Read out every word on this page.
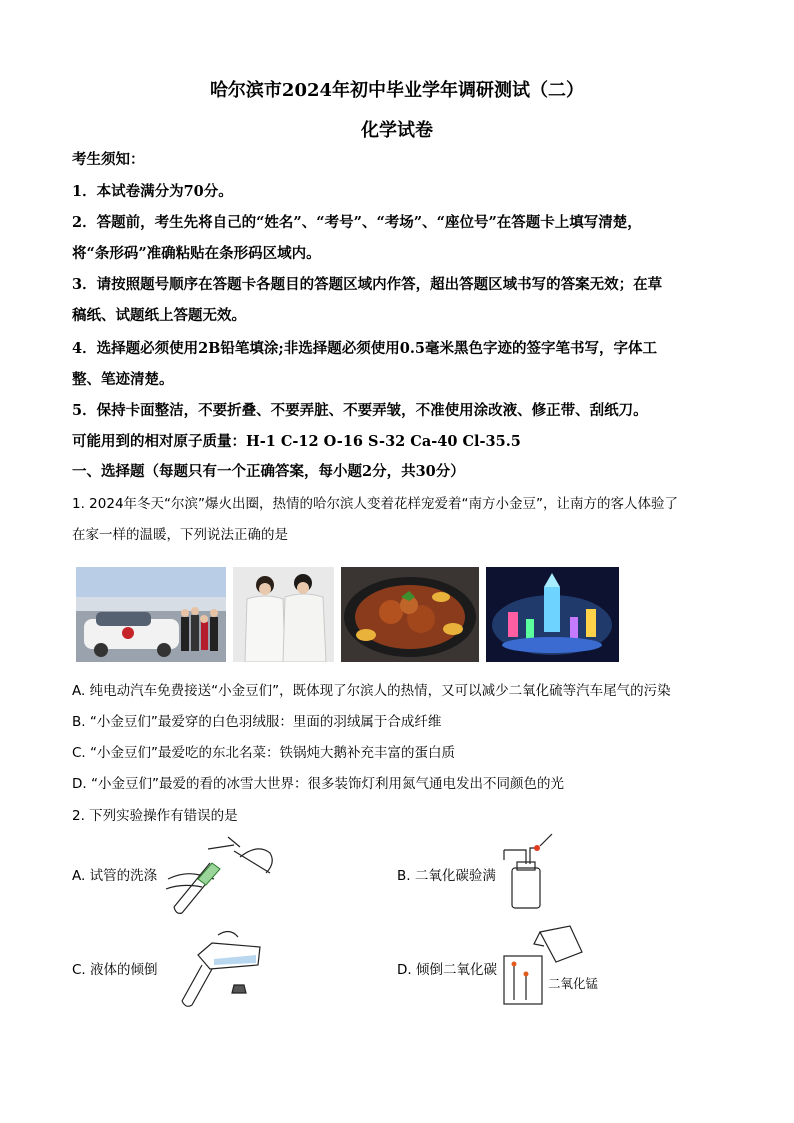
哈尔滨市2024年初中毕业学年调研测试（二）
化学试卷
考生须知：
1．本试卷满分为70分。
2．答题前，考生先将自己的“姓名”、“考号”、“考场”、“座位号”在答题卡上填写清楚，
将“条形码”准确粘贴在条形码区域内。
3．请按照题号顺序在答题卡各题目的答题区域内作答，超出答题区域书写的答案无效；在草
稿纸、试题纸上答题无效。
4．选择题必须使用2B铅笔填涂;非选择题必须使用0.5毫米黑色字迹的签字笔书写，字体工
整、笔迹清楚。
5．保持卡面整洁，不要折叠、不要弄脏、不要弄皱，不准使用涂改液、修正带、刮纸刀。
可能用到的相对原子质量：H-1 C-12 O-16 S-32 Ca-40 Cl-35.5
一、选择题（每题只有一个正确答案，每小题2分，共30分）
1. 2024年冬天“尔滨”爆火出圈，热情的哈尔滨人变着花样宠爱着“南方小金豆”，让南方的客人体验了
在家一样的温暖，下列说法正确的是
A. 纯电动汽车免费接送“小金豆们”，既体现了尔滨人的热情，又可以减少二氧化硫等汽车尾气的污染
B. “小金豆们”最爱穿的白色羽绒服：里面的羽绒属于合成纤维
C. “小金豆们”最爱吃的东北名菜：铁锅炖大鹅补充丰富的蛋白质
D. “小金豆们”最爱的看的冰雪大世界：很多装饰灯利用氮气通电发出不同颜色的光
2. 下列实验操作有错误的是
A. 试管的洗涤	B. 二氧化碳验满
C. 液体的倾倒	D. 倾倒二氧化碳
二氧化锰
